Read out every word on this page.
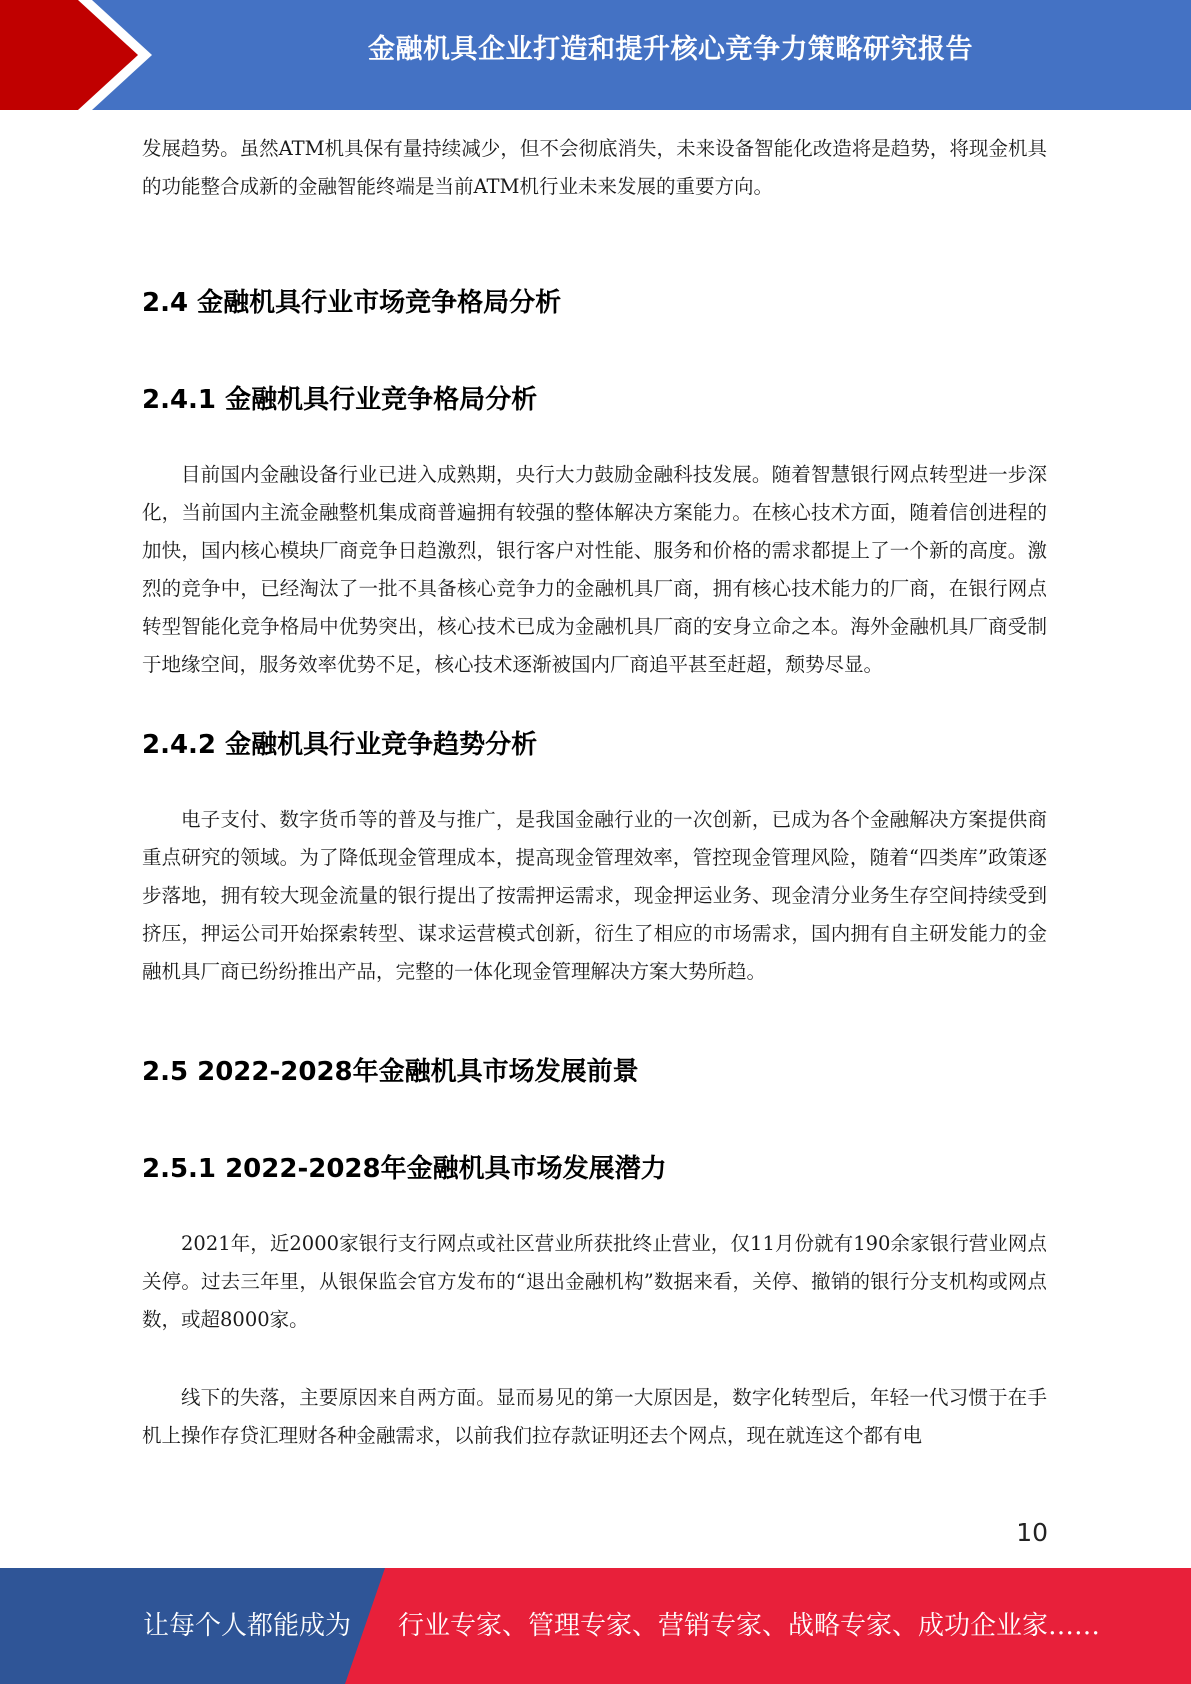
金融机具企业打造和提升核心竞争力策略研究报告

发展趋势。虽然ATM机具保有量持续减少，但不会彻底消失，未来设备智能化改造将是趋势，将现金机具的功能整合成新的金融智能终端是当前ATM机行业未来发展的重要方向。

2.4 金融机具行业市场竞争格局分析
2.4.1 金融机具行业竞争格局分析

目前国内金融设备行业已进入成熟期，央行大力鼓励金融科技发展。随着智慧银行网点转型进一步深化，当前国内主流金融整机集成商普遍拥有较强的整体解决方案能力。在核心技术方面，随着信创进程的加快，国内核心模块厂商竞争日趋激烈，银行客户对性能、服务和价格的需求都提上了一个新的高度。激烈的竞争中，已经淘汰了一批不具备核心竞争力的金融机具厂商，拥有核心技术能力的厂商，在银行网点转型智能化竞争格局中优势突出，核心技术已成为金融机具厂商的安身立命之本。海外金融机具厂商受制于地缘空间，服务效率优势不足，核心技术逐渐被国内厂商追平甚至赶超，颓势尽显。

2.4.2 金融机具行业竞争趋势分析

电子支付、数字货币等的普及与推广，是我国金融行业的一次创新，已成为各个金融解决方案提供商重点研究的领域。为了降低现金管理成本，提高现金管理效率，管控现金管理风险，随着“四类库”政策逐步落地，拥有较大现金流量的银行提出了按需押运需求，现金押运业务、现金清分业务生存空间持续受到挤压，押运公司开始探索转型、谋求运营模式创新，衍生了相应的市场需求，国内拥有自主研发能力的金融机具厂商已纷纷推出产品，完整的一体化现金管理解决方案大势所趋。

2.5 2022-2028年金融机具市场发展前景
2.5.1 2022-2028年金融机具市场发展潜力

2021年，近2000家银行支行网点或社区营业所获批终止营业，仅11月份就有190余家银行营业网点关停。过去三年里，从银保监会官方发布的“退出金融机构”数据来看，关停、撤销的银行分支机构或网点数，或超8000家。

线下的失落，主要原因来自两方面。显而易见的第一大原因是，数字化转型后，年轻一代习惯于在手机上操作存贷汇理财各种金融需求，以前我们拉存款证明还去个网点，现在就连这个都有电

10
让每个人都能成为 行业专家、管理专家、营销专家、战略专家、成功企业家……
